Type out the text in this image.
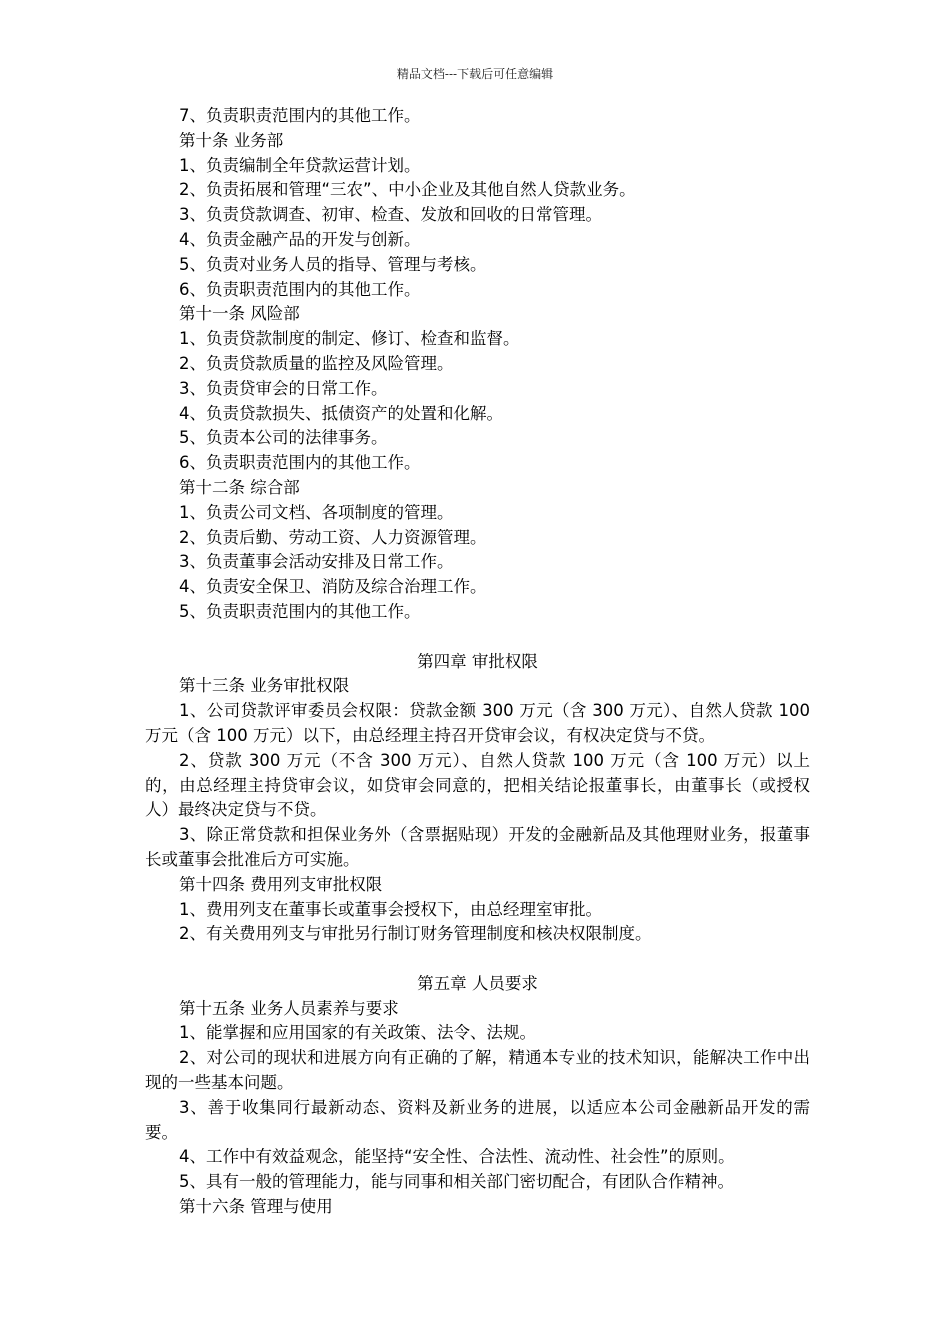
精品文档---下载后可任意编辑
7、负责职责范围内的其他工作。
第十条 业务部
1、负责编制全年贷款运营计划。
2、负责拓展和管理“三农”、中小企业及其他自然人贷款业务。
3、负责贷款调查、初审、检查、发放和回收的日常管理。
4、负责金融产品的开发与创新。
5、负责对业务人员的指导、管理与考核。
6、负责职责范围内的其他工作。
第十一条 风险部
1、负责贷款制度的制定、修订、检查和监督。
2、负责贷款质量的监控及风险管理。
3、负责贷审会的日常工作。
4、负责贷款损失、抵债资产的处置和化解。
5、负责本公司的法律事务。
6、负责职责范围内的其他工作。
第十二条 综合部
1、负责公司文档、各项制度的管理。
2、负责后勤、劳动工资、人力资源管理。
3、负责董事会活动安排及日常工作。
4、负责安全保卫、消防及综合治理工作。
5、负责职责范围内的其他工作。
第四章 审批权限
第十三条 业务审批权限
1、公司贷款评审委员会权限：贷款金额 300 万元（含 300 万元）、自然人贷款 100 万元（含 100 万元）以下，由总经理主持召开贷审会议，有权决定贷与不贷。
2、贷款 300 万元（不含 300 万元）、自然人贷款 100 万元（含 100 万元）以上的，由总经理主持贷审会议，如贷审会同意的，把相关结论报董事长，由董事长（或授权人）最终决定贷与不贷。
3、除正常贷款和担保业务外（含票据贴现）开发的金融新品及其他理财业务，报董事长或董事会批准后方可实施。
第十四条 费用列支审批权限
1、费用列支在董事长或董事会授权下，由总经理室审批。
2、有关费用列支与审批另行制订财务管理制度和核决权限制度。
第五章 人员要求
第十五条 业务人员素养与要求
1、能掌握和应用国家的有关政策、法令、法规。
2、对公司的现状和进展方向有正确的了解，精通本专业的技术知识，能解决工作中出现的一些基本问题。
3、善于收集同行最新动态、资料及新业务的进展，以适应本公司金融新品开发的需要。
4、工作中有效益观念，能坚持“安全性、合法性、流动性、社会性”的原则。
5、具有一般的管理能力，能与同事和相关部门密切配合，有团队合作精神。
第十六条 管理与使用
